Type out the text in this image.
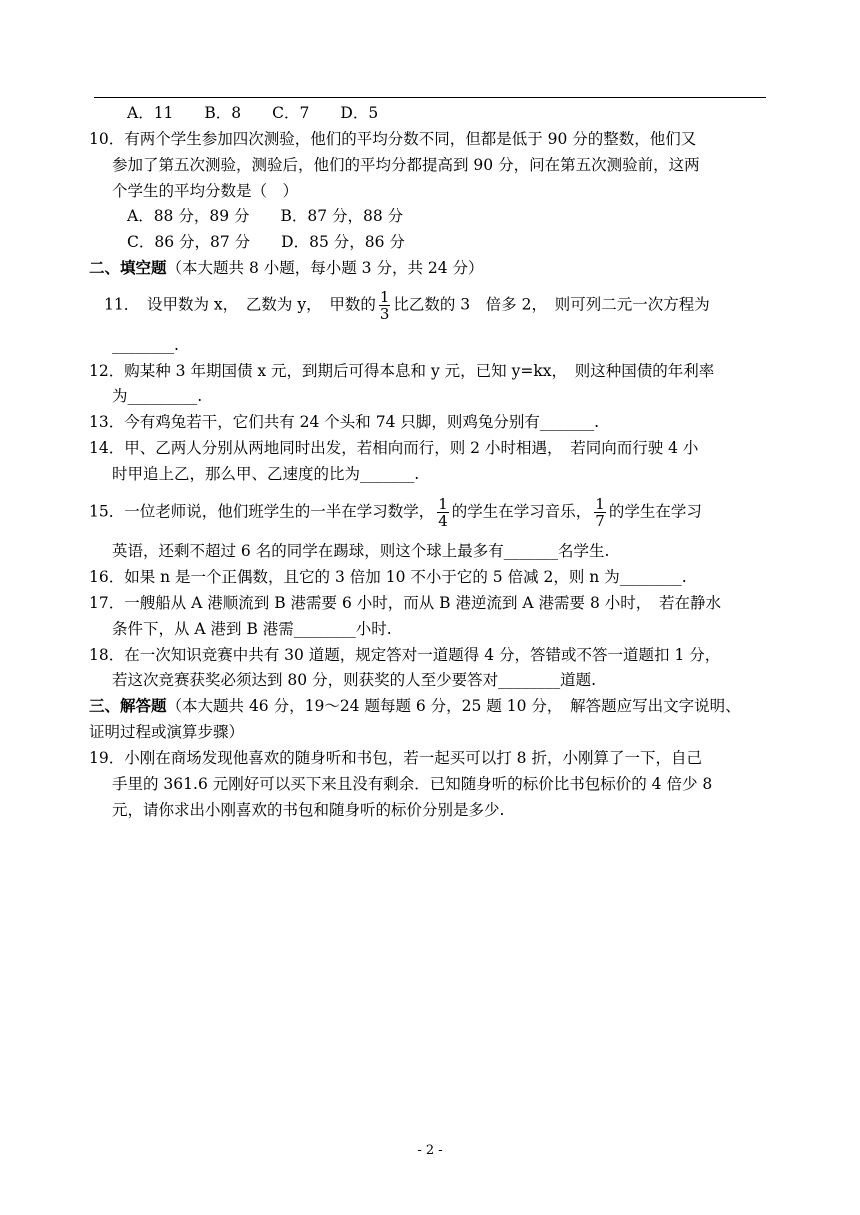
A．11　　B．8　　C．7　　D．5
10．有两个学生参加四次测验，他们的平均分数不同，但都是低于 90 分的整数，他们又
参加了第五次测验，测验后，他们的平均分都提高到 90 分，问在第五次测验前，这两
个学生的平均分数是（　）
A．88 分，89 分　　B．87 分，88 分
C．86 分，87 分　　D．85 分，86 分
二、填空题（本大题共 8 小题，每小题 3 分，共 24 分）
11．　设甲数为 x，　乙数为 y，　甲数的 $\frac{1}{3}$ 比乙数的 3　倍多 2，　则可列二元一次方程为
________.
12．购某种 3 年期国债 x 元，到期后可得本息和 y 元，已知 y=kx，　则这种国债的年利率
为_________.
13．今有鸡兔若干，它们共有 24 个头和 74 只脚，则鸡兔分别有_______.
14．甲、乙两人分别从两地同时出发，若相向而行，则 2 小时相遇，　若同向而行驶 4 小
时甲追上乙，那么甲、乙速度的比为_______.
15．一位老师说，他们班学生的一半在学习数学， $\frac{1}{4}$ 的学生在学习音乐， $\frac{1}{7}$ 的学生在学习
英语，还剩不超过 6 名的同学在踢球，则这个球上最多有_______名学生.
16．如果 n 是一个正偶数，且它的 3 倍加 10 不小于它的 5 倍减 2，则 n 为________.
17．一艘船从 A 港顺流到 B 港需要 6 小时，而从 B 港逆流到 A 港需要 8 小时，　若在静水
条件下，从 A 港到 B 港需________小时.
18．在一次知识竞赛中共有 30 道题，规定答对一道题得 4 分，答错或不答一道题扣 1 分，
若这次竞赛获奖必须达到 80 分，则获奖的人至少要答对________道题.
三、解答题（本大题共 46 分，19～24 题每题 6 分，25 题 10 分，　解答题应写出文字说明、
证明过程或演算步骤）
19．小刚在商场发现他喜欢的随身听和书包，若一起买可以打 8 折，小刚算了一下，自己
手里的 361.6 元刚好可以买下来且没有剩余．已知随身听的标价比书包标价的 4 倍少 8
元，请你求出小刚喜欢的书包和随身听的标价分别是多少.
- 2 -
